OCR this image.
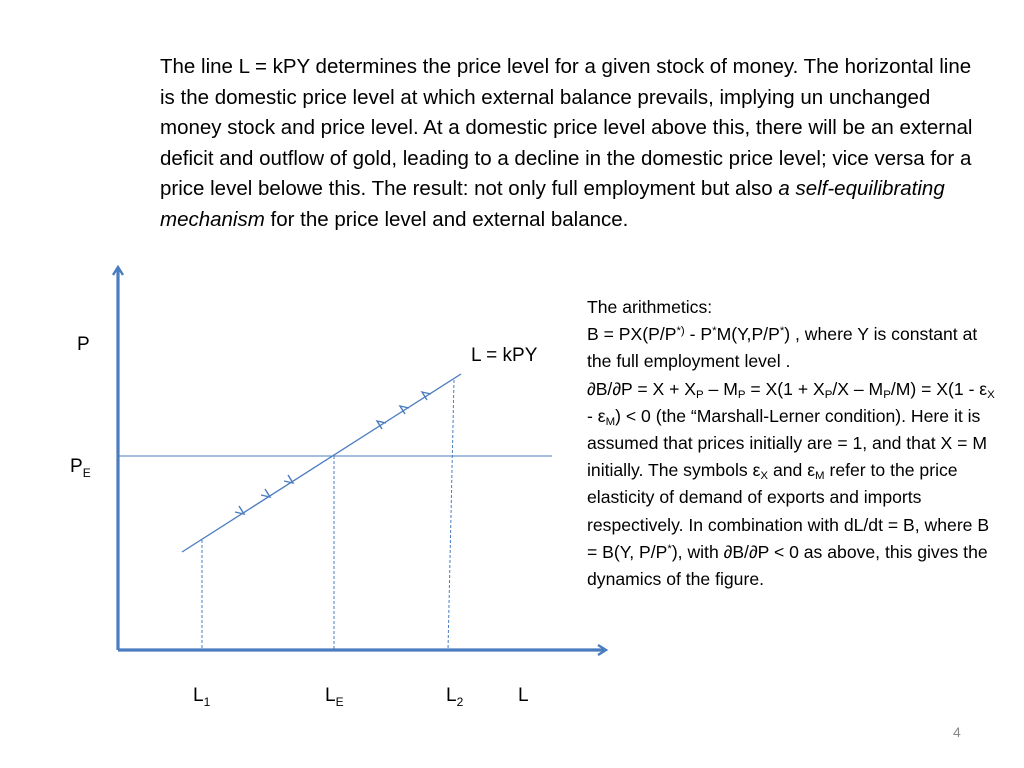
The line L = kPY determines the price level for a given stock of money. The horizontal line is the domestic price level at which external balance prevails, implying un unchanged money stock and price level. At a domestic price level above this, there will be an external deficit and outflow of gold, leading to a decline in the domestic price level; vice versa for a price level belowe this. The result: not only full employment but also a self-equilibrating mechanism for the price level and external balance.

P
L = kPY
$P_E$
$L_1$	$L_E$	$L_2$	L
The arithmetics:
B = PX(P/P*) - P*M(Y,P/P*) , where Y is constant at the full employment level .
$\partial B/\partial P = X + X_P - M_P = X(1 + X_P/X - M_P/M) = X(1 - \varepsilon_X - \varepsilon_M) < 0$ (the “Marshall-Lerner condition). Here it is assumed that prices initially are = 1, and that X = M initially. The symbols $\varepsilon_X$ and $\varepsilon_M$ refer to the price elasticity of demand of exports and imports respectively. In combination with dL/dt = B, where B = B(Y, P/P*), with ∂B/∂P < 0 as above, this gives the dynamics of the figure.
4
